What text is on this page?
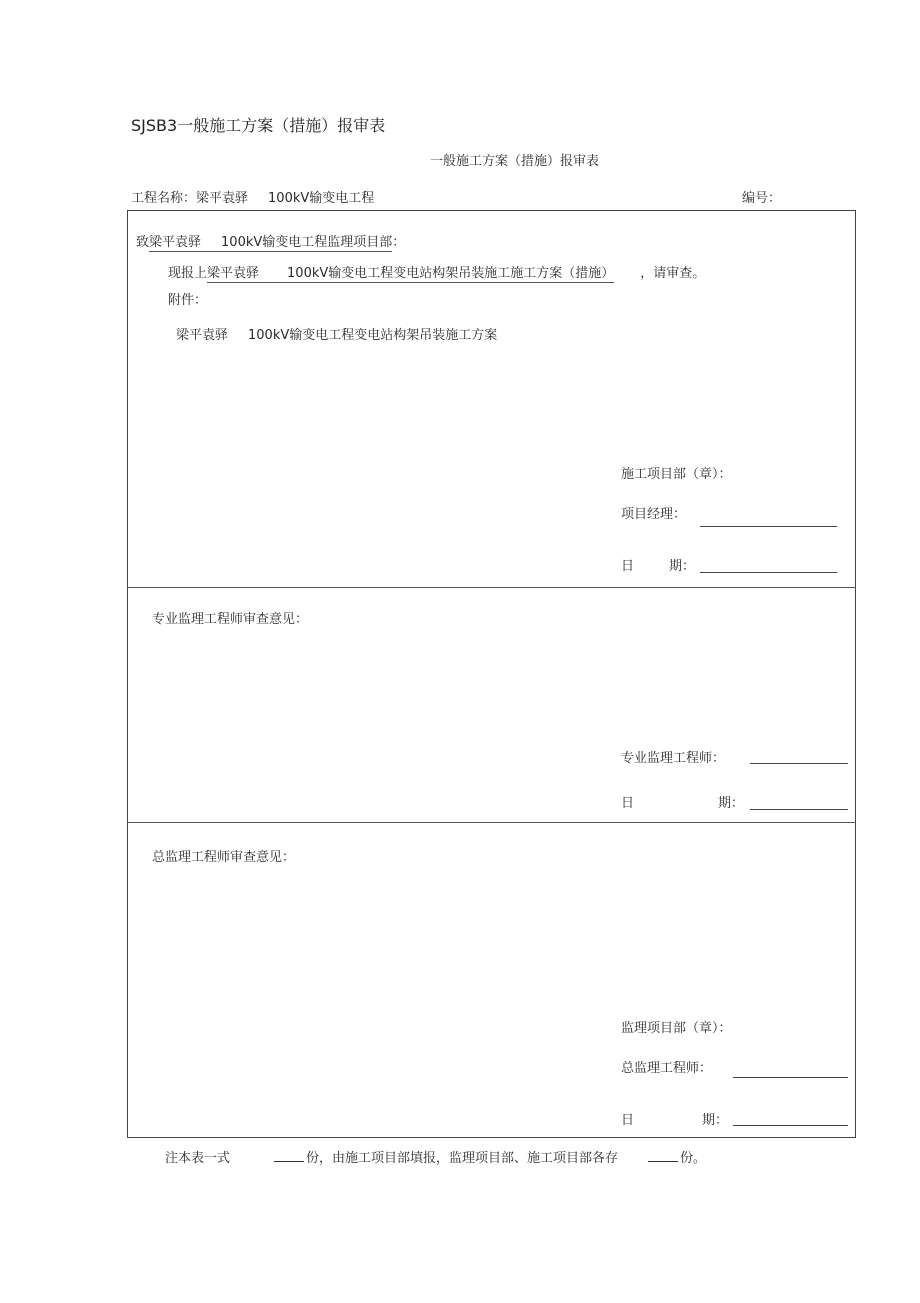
SJSB3一般施工方案（措施）报审表
一般施工方案（措施）报审表
工程名称：梁平袁驿 100kV输变电工程	编号：
致梁平袁驿 100kV输变电工程监理项目部：
现报上梁平袁驿 100kV输变电工程变电站构架吊装施工施工方案（措施） ，请审查。
附件：
梁平袁驿 100kV输变电工程变电站构架吊装施工方案
施工项目部（章）：
项目经理：
日	期：
专业监理工程师审查意见：
专业监理工程师：
日	期：
总监理工程师审查意见：
监理项目部（章）：
总监理工程师：
日	期：
注本表一式	份，由施工项目部填报，监理项目部、施工项目部各存	份。
